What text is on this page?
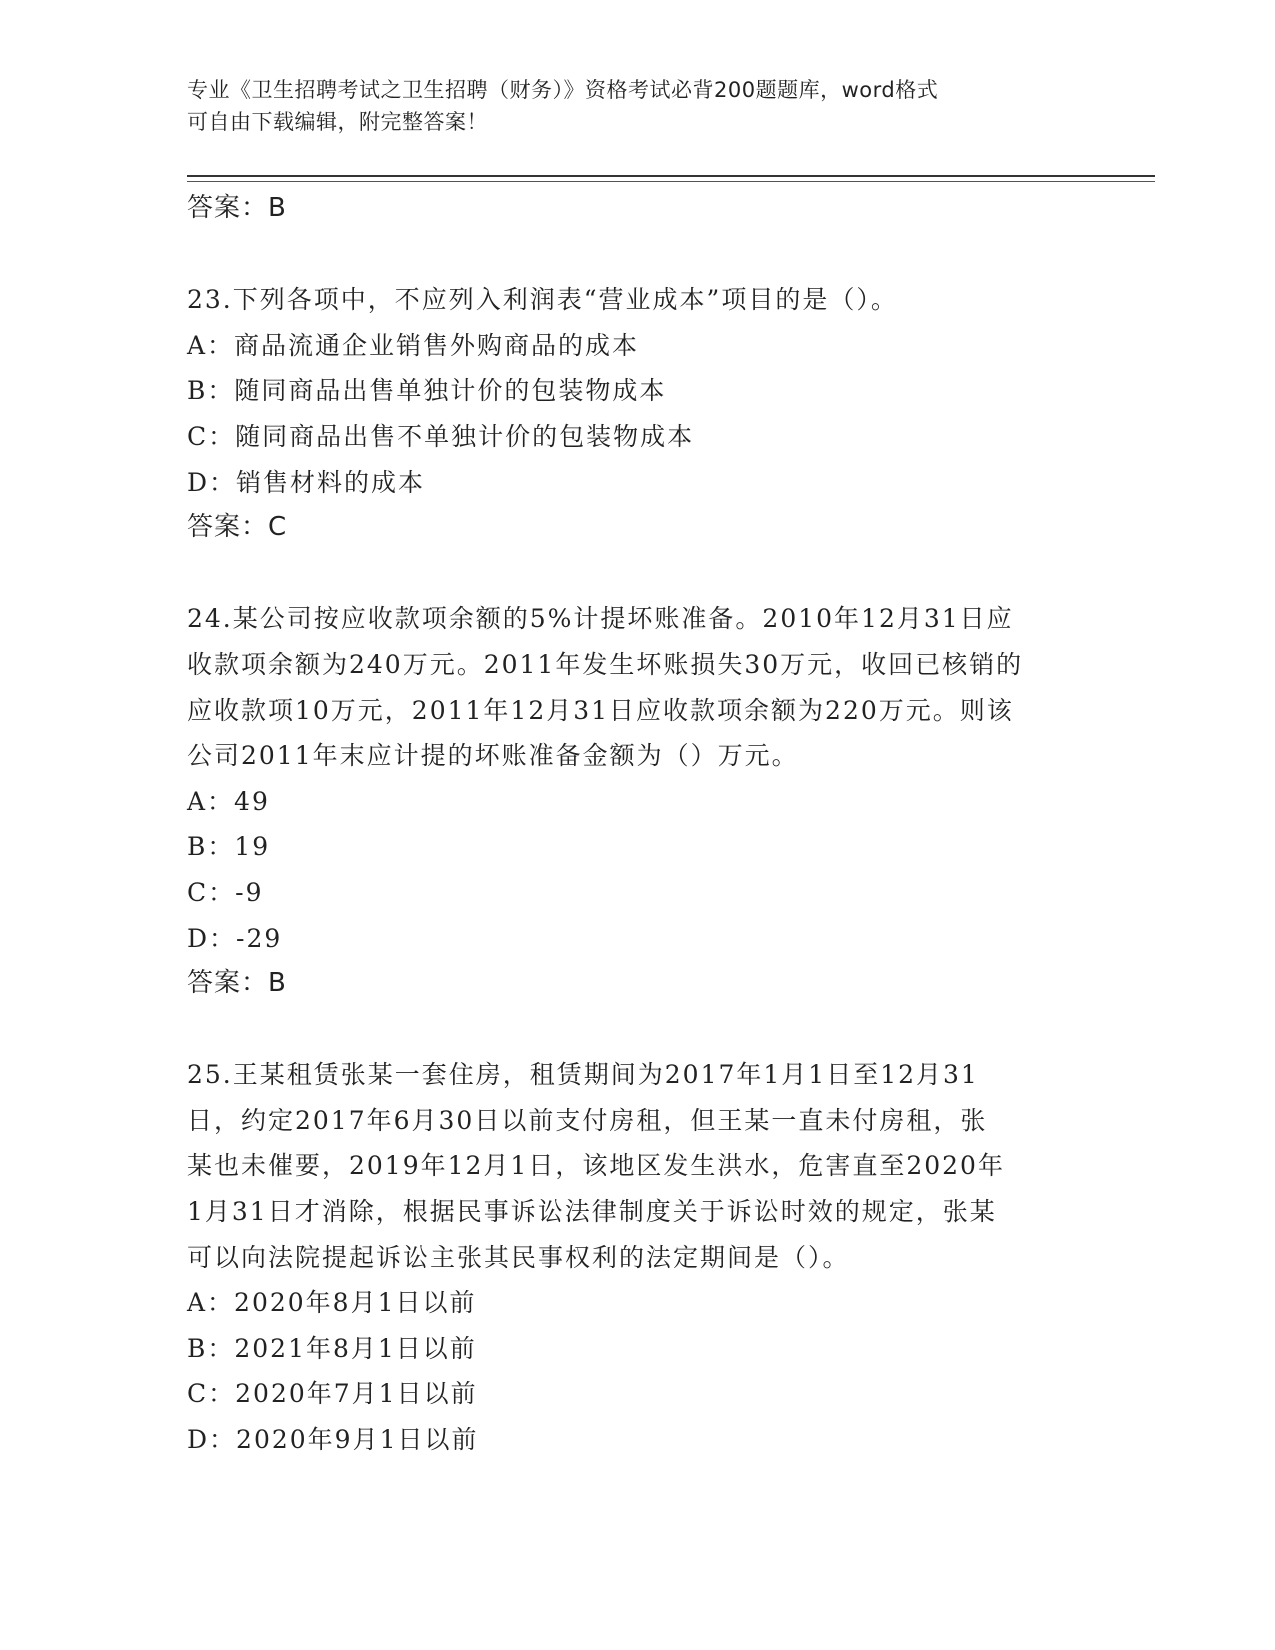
专业《卫生招聘考试之卫生招聘（财务）》资格考试必背200题题库，word格式
可自由下载编辑，附完整答案！
答案：B
23.下列各项中，不应列入利润表“营业成本”项目的是（）。
A：商品流通企业销售外购商品的成本
B：随同商品出售单独计价的包装物成本
C：随同商品出售不单独计价的包装物成本
D：销售材料的成本
答案：C
24.某公司按应收款项余额的5%计提坏账准备。2010年12月31日应
收款项余额为240万元。2011年发生坏账损失30万元，收回已核销的
应收款项10万元，2011年12月31日应收款项余额为220万元。则该
公司2011年末应计提的坏账准备金额为（）万元。
A：49
B：19
C：-9
D：-29
答案：B
25.王某租赁张某一套住房，租赁期间为2017年1月1日至12月31
日，约定2017年6月30日以前支付房租，但王某一直未付房租，张
某也未催要，2019年12月1日，该地区发生洪水，危害直至2020年
1月31日才消除，根据民事诉讼法律制度关于诉讼时效的规定，张某
可以向法院提起诉讼主张其民事权利的法定期间是（）。
A：2020年8月1日以前
B：2021年8月1日以前
C：2020年7月1日以前
D：2020年9月1日以前
